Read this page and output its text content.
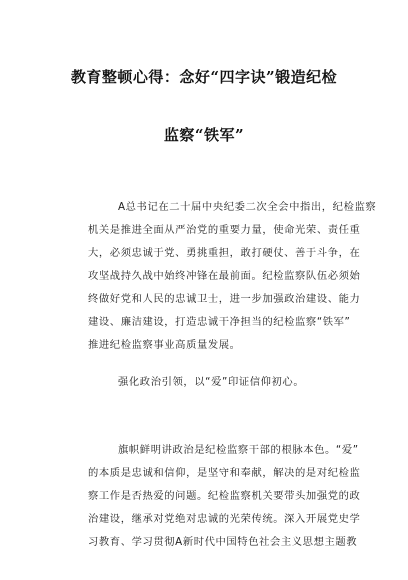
教育整顿心得：念好“四字诀”锻造纪检
监察“铁军”
A总书记在二十届中央纪委二次全会中指出，纪检监察
机关是推进全面从严治党的重要力量，使命光荣、责任重
大，必须忠诚于党、勇挑重担，敢打硬仗、善于斗争，在
攻坚战持久战中始终冲锋在最前面。纪检监察队伍必须始
终做好党和人民的忠诚卫士，进一步加强政治建设、能力
建设、廉洁建设，打造忠诚干净担当的纪检监察“铁军”
推进纪检监察事业高质量发展。
强化政治引领，以“爱”印证信仰初心。
旗帜鲜明讲政治是纪检监察干部的根脉本色。“爱”
的本质是忠诚和信仰，是坚守和奉献，解决的是对纪检监
察工作是否热爱的问题。纪检监察机关要带头加强党的政
治建设，继承对党绝对忠诚的光荣传统。深入开展党史学
习教育、学习贯彻A新时代中国特色社会主义思想主题教
